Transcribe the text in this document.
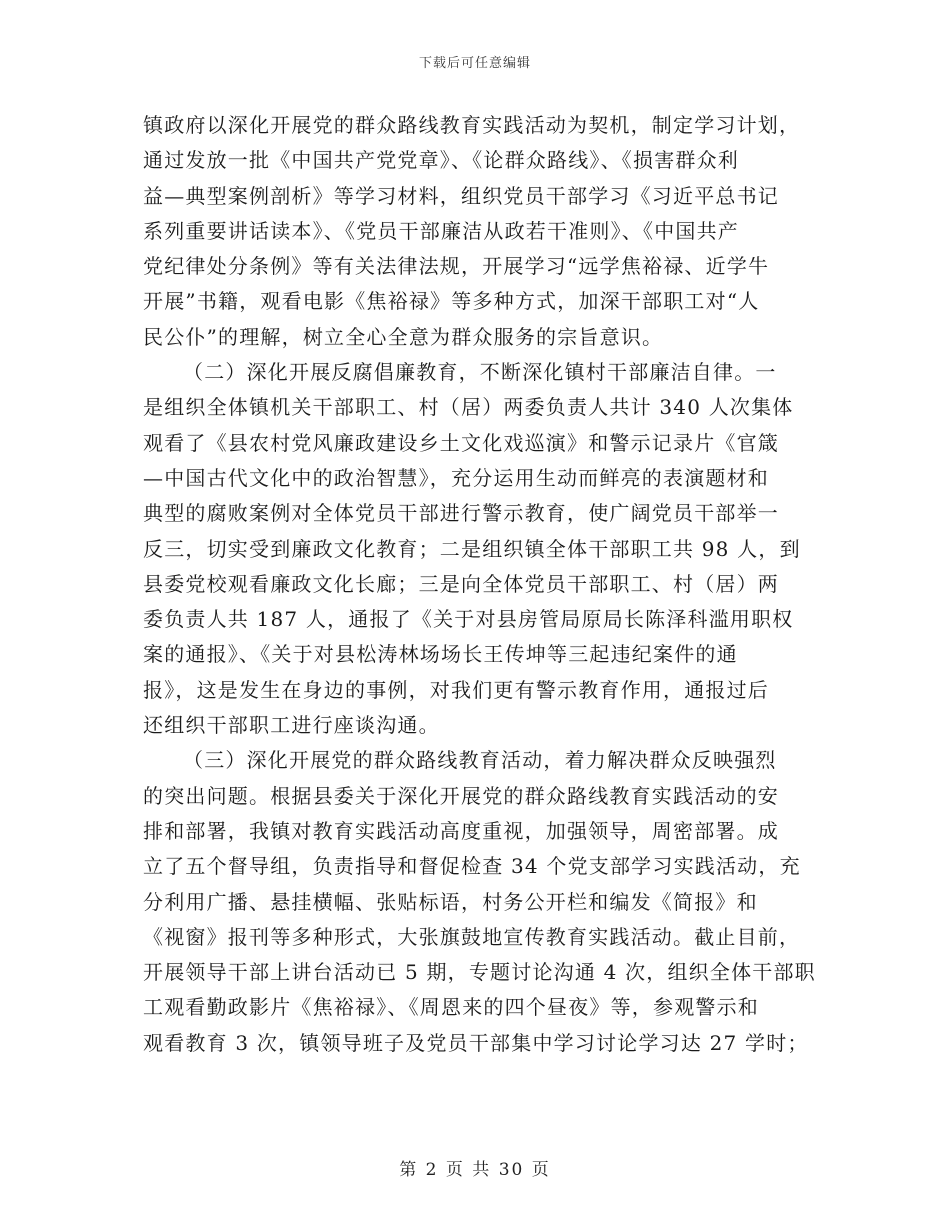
下载后可任意编辑
镇政府以深化开展党的群众路线教育实践活动为契机，制定学习计划，
通过发放一批《中国共产党党章》、《论群众路线》、《损害群众利
益—典型案例剖析》等学习材料，组织党员干部学习《习近平总书记
系列重要讲话读本》、《党员干部廉洁从政若干准则》、《中国共产
党纪律处分条例》等有关法律法规，开展学习“远学焦裕禄、近学牛
开展”书籍，观看电影《焦裕禄》等多种方式，加深干部职工对“人
民公仆”的理解，树立全心全意为群众服务的宗旨意识。
（二）深化开展反腐倡廉教育，不断深化镇村干部廉洁自律。一
是组织全体镇机关干部职工、村（居）两委负责人共计 340 人次集体
观看了《县农村党风廉政建设乡土文化戏巡演》和警示记录片《官箴
—中国古代文化中的政治智慧》，充分运用生动而鲜亮的表演题材和
典型的腐败案例对全体党员干部进行警示教育，使广阔党员干部举一
反三，切实受到廉政文化教育；二是组织镇全体干部职工共 98 人，到
县委党校观看廉政文化长廊；三是向全体党员干部职工、村（居）两
委负责人共 187 人，通报了《关于对县房管局原局长陈泽科滥用职权
案的通报》、《关于对县松涛林场场长王传坤等三起违纪案件的通
报》，这是发生在身边的事例，对我们更有警示教育作用，通报过后
还组织干部职工进行座谈沟通。
（三）深化开展党的群众路线教育活动，着力解决群众反映强烈
的突出问题。根据县委关于深化开展党的群众路线教育实践活动的安
排和部署，我镇对教育实践活动高度重视，加强领导，周密部署。成
立了五个督导组，负责指导和督促检查 34 个党支部学习实践活动，充
分利用广播、悬挂横幅、张贴标语，村务公开栏和编发《简报》和
《视窗》报刊等多种形式，大张旗鼓地宣传教育实践活动。截止目前，
开展领导干部上讲台活动已 5 期，专题讨论沟通 4 次，组织全体干部职
工观看勤政影片《焦裕禄》、《周恩来的四个昼夜》等，参观警示和
观看教育 3 次，镇领导班子及党员干部集中学习讨论学习达 27 学时；
第 2 页 共 30 页
